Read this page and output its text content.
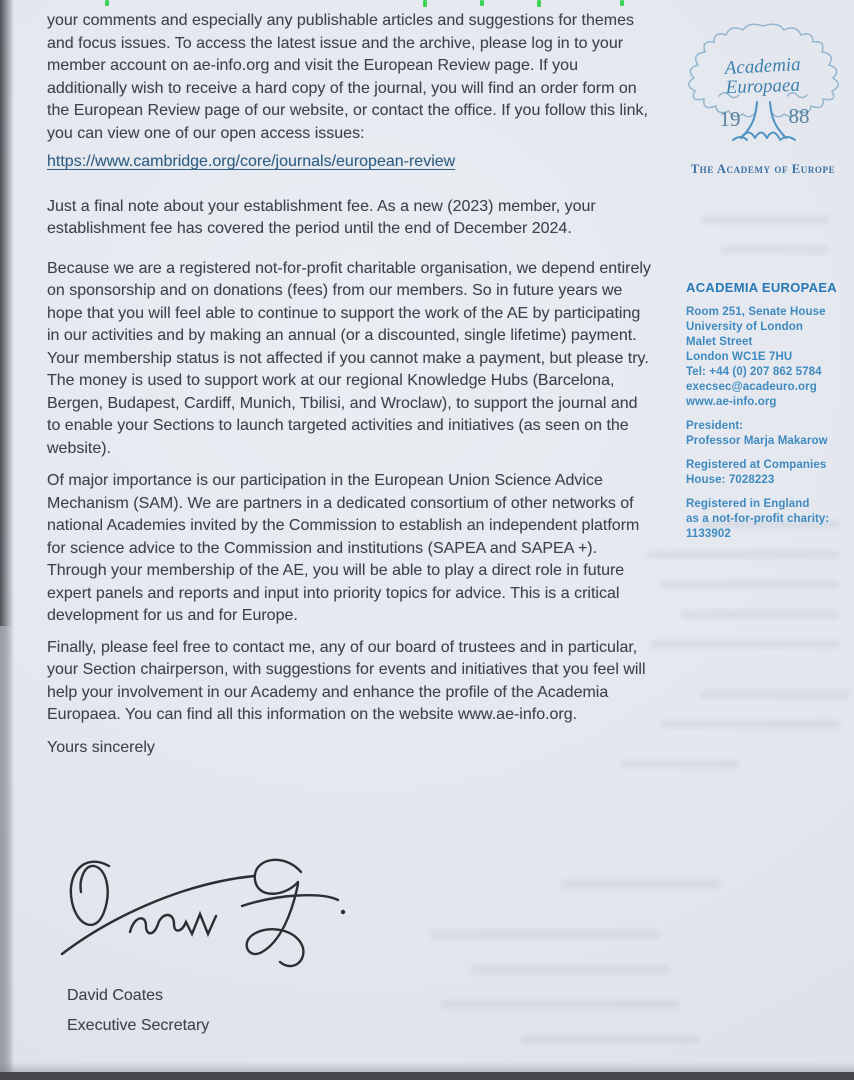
your comments and especially any publishable articles and suggestions for themes and focus issues. To access the latest issue and the archive, please log in to your member account on ae-info.org and visit the European Review page. If you additionally wish to receive a hard copy of the journal, you will find an order form on the European Review page of our website, or contact the office. If you follow this link, you can view one of our open access issues:

https://www.cambridge.org/core/journals/european-review

Just a final note about your establishment fee. As a new (2023) member, your establishment fee has covered the period until the end of December 2024.

Because we are a registered not-for-profit charitable organisation, we depend entirely on sponsorship and on donations (fees) from our members. So in future years we hope that you will feel able to continue to support the work of the AE by participating in our activities and by making an annual (or a discounted, single lifetime) payment. Your membership status is not affected if you cannot make a payment, but please try. The money is used to support work at our regional Knowledge Hubs (Barcelona, Bergen, Budapest, Cardiff, Munich, Tbilisi, and Wroclaw), to support the journal and to enable your Sections to launch targeted activities and initiatives (as seen on the website).

Of major importance is our participation in the European Union Science Advice Mechanism (SAM). We are partners in a dedicated consortium of other networks of national Academies invited by the Commission to establish an independent platform for science advice to the Commission and institutions (SAPEA and SAPEA +). Through your membership of the AE, you will be able to play a direct role in future expert panels and reports and input into priority topics for advice. This is a critical development for us and for Europe.

Finally, please feel free to contact me, any of our board of trustees and in particular, your Section chairperson, with suggestions for events and initiatives that you feel will help your involvement in our Academy and enhance the profile of the Academia Europaea. You can find all this information on the website www.ae-info.org.

Yours sincerely

David Coates
Executive Secretary
Academia
Europaea
19 88
The Academy of Europe

ACADEMIA EUROPAEA

Room 251, Senate House
University of London
Malet Street
London WC1E 7HU
Tel: +44 (0) 207 862 5784
execsec@acadeuro.org
www.ae-info.org
President:
Professor Marja Makarow
Registered at Companies
House: 7028223
Registered in England
as a not-for-profit charity:
1133902
